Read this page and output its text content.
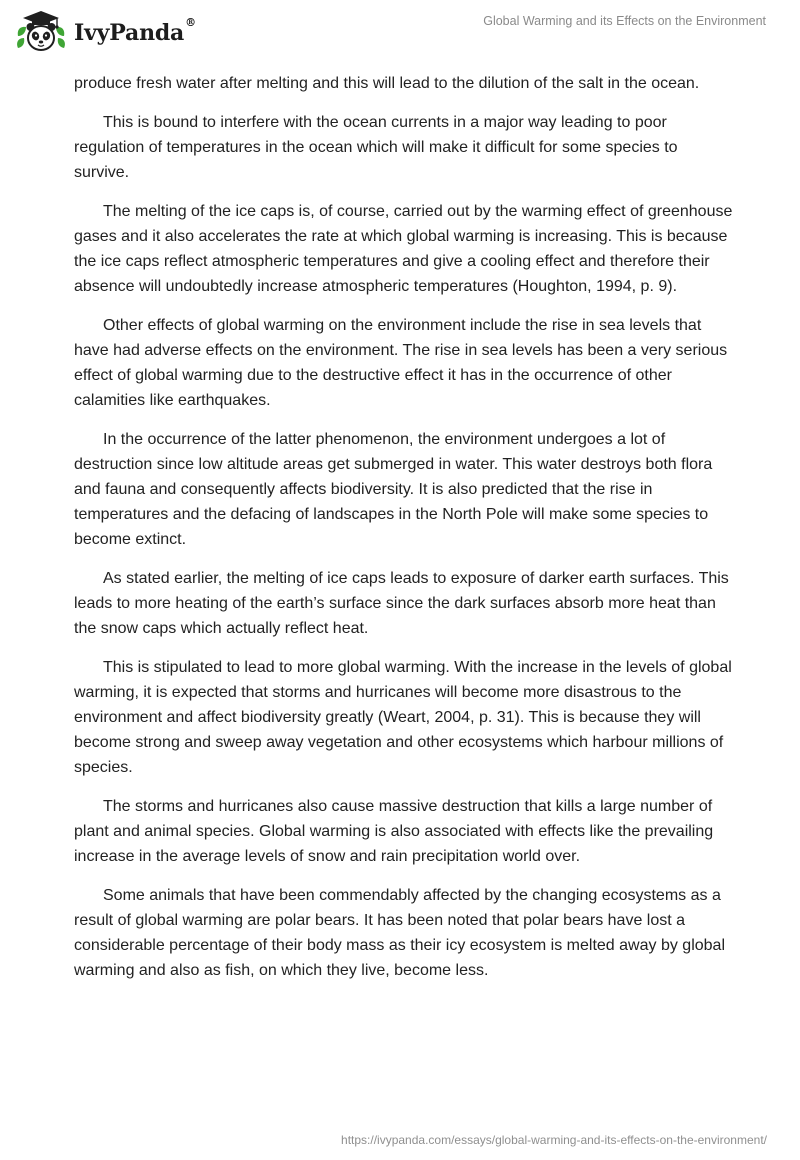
IvyPanda®	Global Warming and its Effects on the Environment

produce fresh water after melting and this will lead to the dilution of the salt in the ocean.

This is bound to interfere with the ocean currents in a major way leading to poor regulation of temperatures in the ocean which will make it difficult for some species to survive.

The melting of the ice caps is, of course, carried out by the warming effect of greenhouse gases and it also accelerates the rate at which global warming is increasing. This is because the ice caps reflect atmospheric temperatures and give a cooling effect and therefore their absence will undoubtedly increase atmospheric temperatures (Houghton, 1994, p. 9).

Other effects of global warming on the environment include the rise in sea levels that have had adverse effects on the environment. The rise in sea levels has been a very serious effect of global warming due to the destructive effect it has in the occurrence of other calamities like earthquakes.

In the occurrence of the latter phenomenon, the environment undergoes a lot of destruction since low altitude areas get submerged in water. This water destroys both flora and fauna and consequently affects biodiversity. It is also predicted that the rise in temperatures and the defacing of landscapes in the North Pole will make some species to become extinct.

As stated earlier, the melting of ice caps leads to exposure of darker earth surfaces. This leads to more heating of the earth’s surface since the dark surfaces absorb more heat than the snow caps which actually reflect heat.

This is stipulated to lead to more global warming. With the increase in the levels of global warming, it is expected that storms and hurricanes will become more disastrous to the environment and affect biodiversity greatly (Weart, 2004, p. 31). This is because they will become strong and sweep away vegetation and other ecosystems which harbour millions of species.

The storms and hurricanes also cause massive destruction that kills a large number of plant and animal species. Global warming is also associated with effects like the prevailing increase in the average levels of snow and rain precipitation world over.

Some animals that have been commendably affected by the changing ecosystems as a result of global warming are polar bears. It has been noted that polar bears have lost a considerable percentage of their body mass as their icy ecosystem is melted away by global warming and also as fish, on which they live, become less.

https://ivypanda.com/essays/global-warming-and-its-effects-on-the-environment/
